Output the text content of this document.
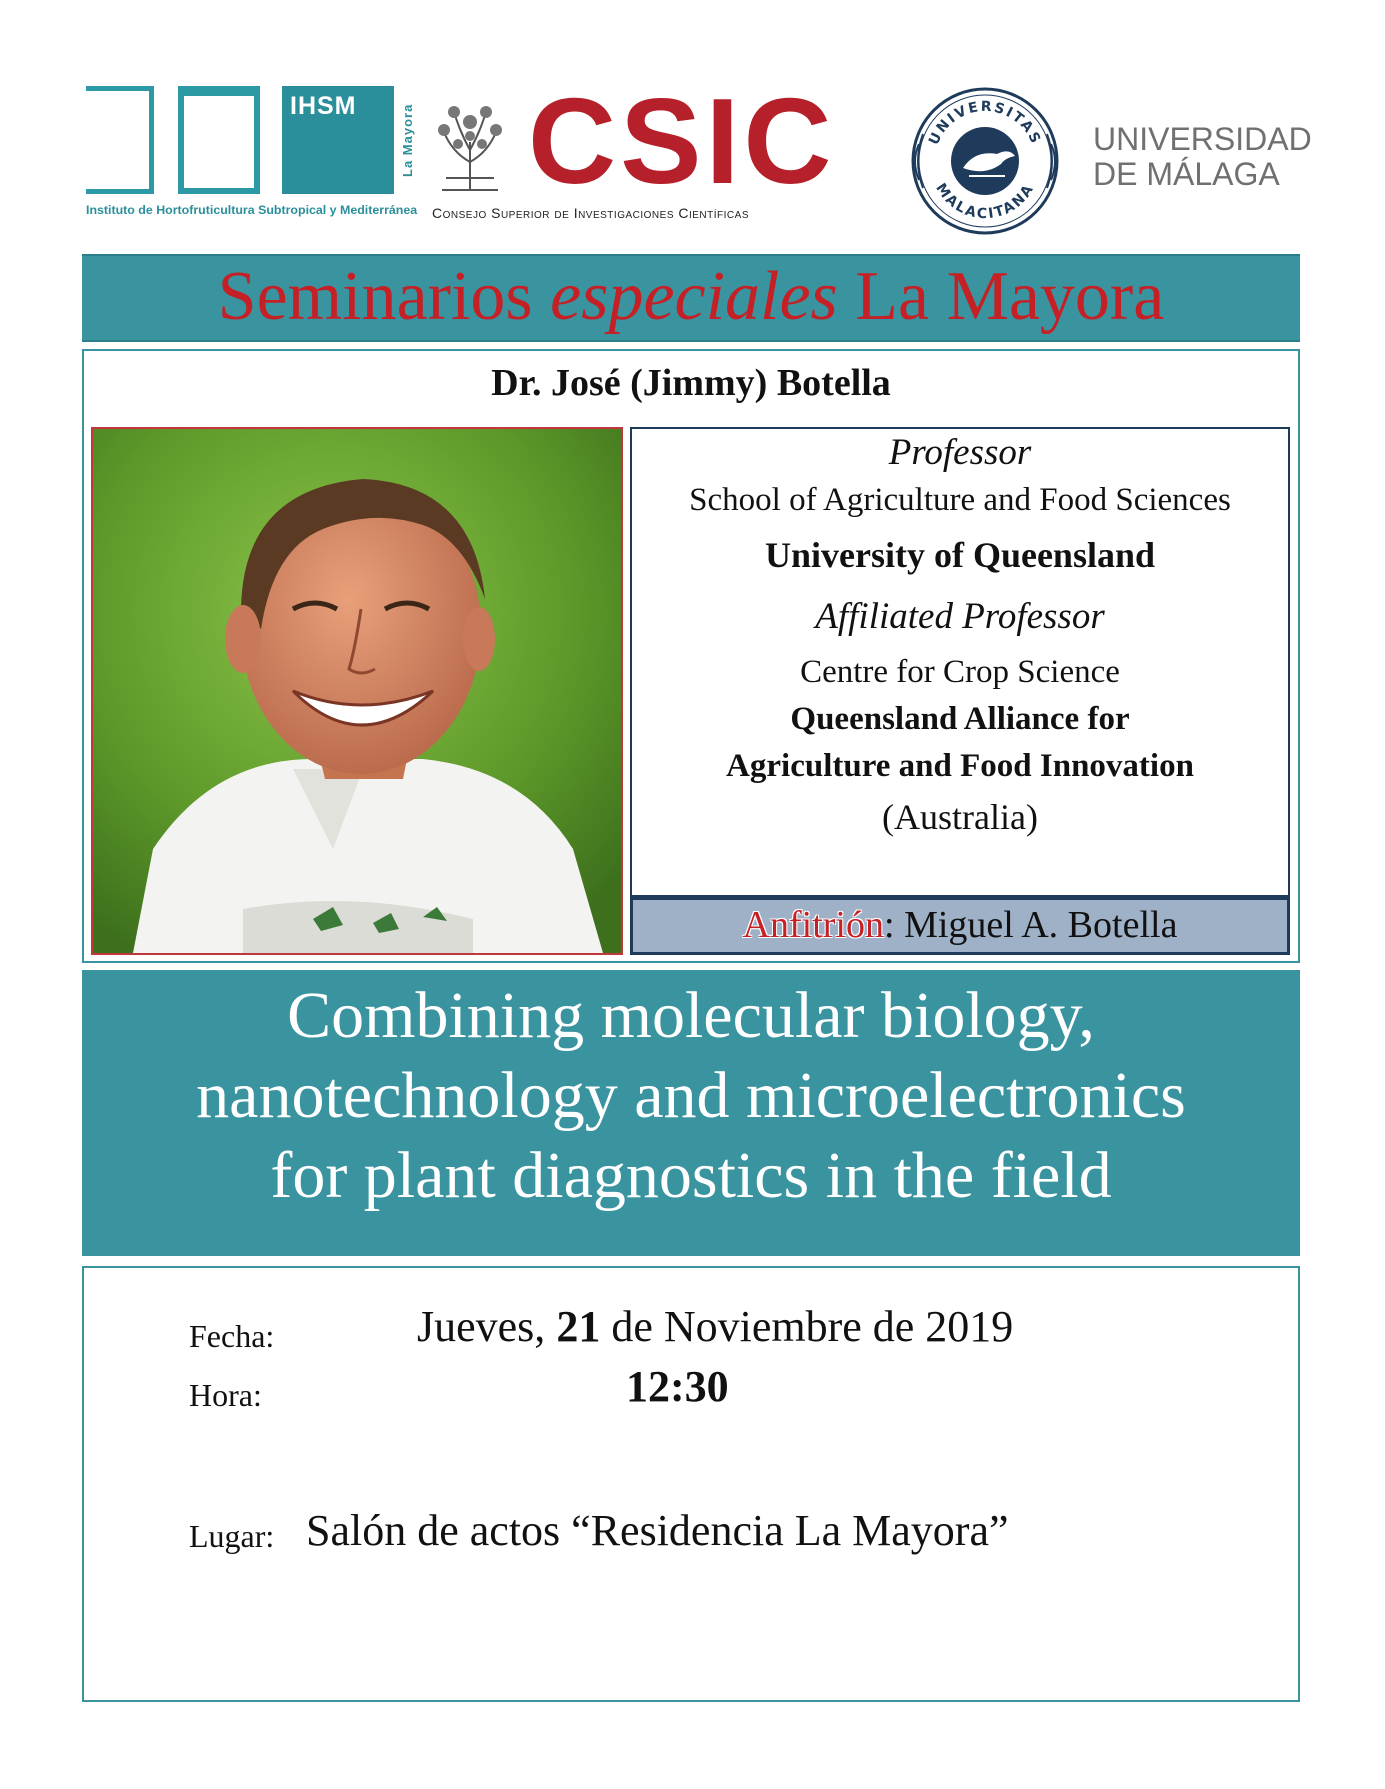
IHSM	La Mayora
Instituto de Hortofruticultura Subtropical y Mediterránea
CSIC
Consejo Superior de Investigaciones Científicas
UNIVERSITAS
MALACITANA
UNIVERSIDAD
DE MÁLAGA
Seminarios especiales La Mayora
Dr. José (Jimmy) Botella
Professor
School of Agriculture and Food Sciences
University of Queensland
Affiliated Professor
Centre for Crop Science
Queensland Alliance for
Agriculture and Food Innovation
(Australia)
Anfitrión: Miguel A. Botella
Combining molecular biology,
nanotechnology and microelectronics
for plant diagnostics in the field
Fecha:	Jueves, 21 de Noviembre de 2019
Hora:	12:30
Lugar: Salón de actos “Residencia La Mayora”
